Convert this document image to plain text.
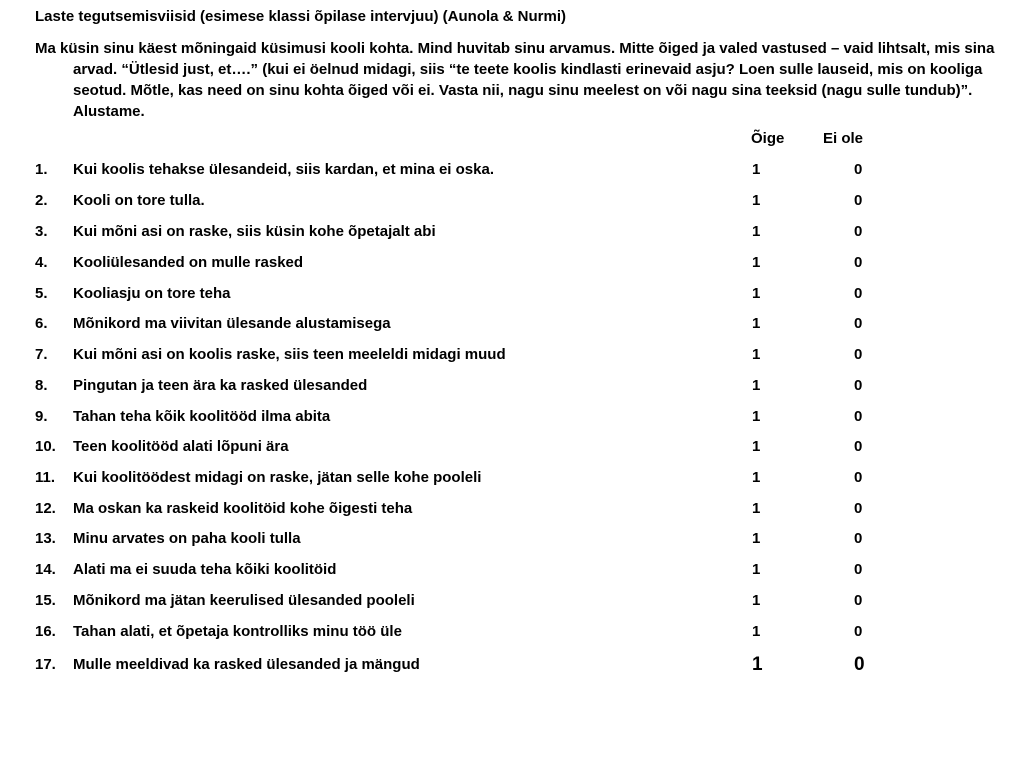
Laste tegutsemisviisid (esimese klassi õpilase intervjuu) (Aunola & Nurmi)
Ma küsin sinu käest mõningaid küsimusi kooli kohta. Mind huvitab sinu arvamus. Mitte õiged ja valed vastused – vaid lihtsalt, mis sina arvad. “Ütlesid just, et….” (kui ei öelnud midagi, siis “te teete koolis kindlasti erinevaid asju? Loen sulle lauseid, mis on kooliga seotud. Mõtle, kas need on sinu kohta õiged või ei. Vasta nii, nagu sinu meelest on või nagu sina teeksid (nagu sulle tundub)”. Alustame.
Õige	Ei ole
1. Kui koolis tehakse ülesandeid, siis kardan, et mina ei oska.	1	0
2. Kooli on tore tulla.	1	0
3. Kui mõni asi on raske, siis küsin kohe õpetajalt abi	1	0
4. Kooliülesanded on mulle rasked	1	0
5. Kooliasju on tore teha	1	0
6. Mõnikord ma viivitan ülesande alustamisega	1	0
7. Kui mõni asi on koolis raske, siis teen meeleldi midagi muud	1	0
8. Pingutan ja teen ära ka rasked ülesanded	1	0
9. Tahan teha kõik koolitööd ilma abita	1	0
10. Teen koolitööd alati lõpuni ära	1	0
11. Kui koolitöödest midagi on raske, jätan selle kohe pooleli	1	0
12. Ma oskan ka raskeid koolitöid kohe õigesti teha	1	0
13. Minu arvates on paha kooli tulla	1	0
14. Alati ma ei suuda teha kõiki koolitöid	1	0
15. Mõnikord ma jätan keerulised ülesanded pooleli	1	0
16. Tahan alati, et õpetaja kontrolliks minu töö üle	1	0
17. Mulle meeldivad ka rasked ülesanded ja mängud	1	0
